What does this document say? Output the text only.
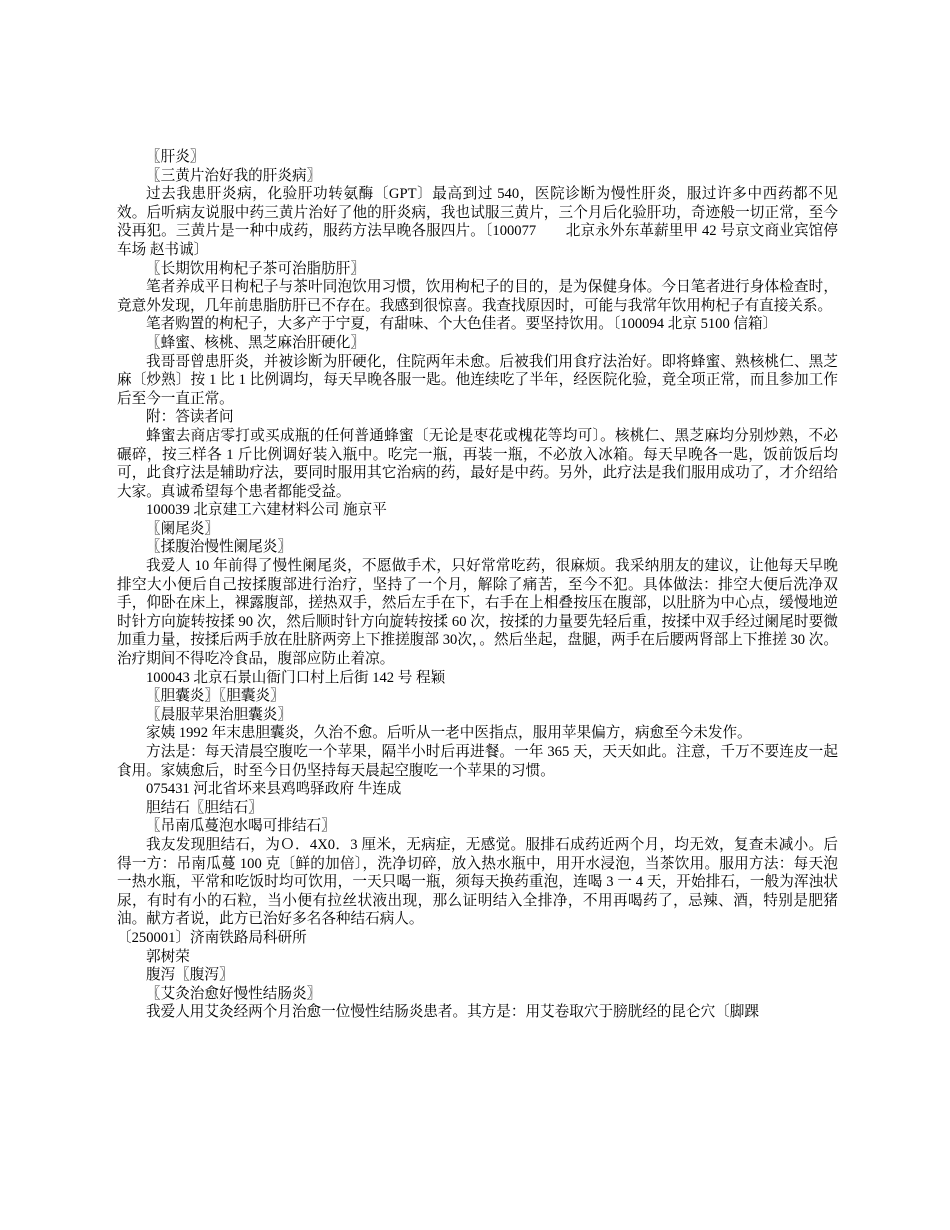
〖肝炎〗

〖三黄片治好我的肝炎病〗

过去我患肝炎病，化验肝功转氨酶〔GPT〕最高到过 540，医院诊断为慢性肝炎，服过许多中西药都不见效。后听病友说服中药三黄片治好了他的肝炎病，我也试服三黄片，三个月后化验肝功，奇迹般一切正常，至今没再犯。三黄片是一种中成药，服药方法早晚各服四片。〔100077　　北京永外东革薪里甲 42 号京文商业宾馆停车场 赵书诚〕

〖长期饮用枸杞子茶可治脂肪肝〗

笔者养成平日枸杞子与茶叶同泡饮用习惯，饮用枸杞子的目的，是为保健身体。今日笔者进行身体检查时，竟意外发现，几年前患脂肪肝已不存在。我感到很惊喜。我查找原因时，可能与我常年饮用枸杞子有直接关系。

笔者购置的枸杞子，大多产于宁夏，有甜味、个大色佳者。要坚持饮用。〔100094 北京 5100 信箱〕

〖蜂蜜、核桃、黑芝麻治肝硬化〗

我哥哥曾患肝炎，并被诊断为肝硬化，住院两年未愈。后被我们用食疗法治好。即将蜂蜜、熟核桃仁、黑芝麻〔炒熟〕按 1 比 1 比例调均，每天早晚各服一匙。他连续吃了半年，经医院化验，竟全项正常，而且参加工作后至今一直正常。

附：答读者问

蜂蜜去商店零打或买成瓶的任何普通蜂蜜〔无论是枣花或槐花等均可〕。核桃仁、黑芝麻均分别炒熟，不必碾碎，按三样各 1 斤比例调好装入瓶中。吃完一瓶，再装一瓶，不必放入冰箱。每天早晚各一匙，饭前饭后均可，此食疗法是辅助疗法，要同时服用其它治病的药，最好是中药。另外，此疗法是我们服用成功了，才介绍给大家。真诚希望每个患者都能受益。

100039 北京建工六建材料公司 施京平

〖阑尾炎〗

〖揉腹治慢性阑尾炎〗

我爱人 10 年前得了慢性阑尾炎，不愿做手术，只好常常吃药，很麻烦。我采纳朋友的建议，让他每天早晚排空大小便后自己按揉腹部进行治疗，坚持了一个月，解除了痛苦，至今不犯。具体做法：排空大便后洗净双手，仰卧在床上，裸露腹部，搓热双手，然后左手在下，右手在上相叠按压在腹部，以肚脐为中心点，缓慢地逆时针方向旋转按揉 90 次，然后顺时针方向旋转按揉 60 次，按揉的力量要先轻后重，按揉中双手经过阑尾时要微加重力量，按揉后两手放在肚脐两旁上下推搓腹部 30次，。然后坐起，盘腿，两手在后腰两肾部上下推搓 30 次。治疗期间不得吃冷食品，腹部应防止着凉。

100043 北京石景山衙门口村上后街 142 号 程颖

〖胆囊炎〗〖胆囊炎〗

〖晨服苹果治胆囊炎〗

家姨 1992 年末患胆囊炎，久治不愈。后听从一老中医指点，服用苹果偏方，病愈至今未发作。

方法是：每天清晨空腹吃一个苹果，隔半小时后再进餐。一年 365 天，天天如此。注意，千万不要连皮一起食用。家姨愈后，时至今日仍坚持每天晨起空腹吃一个苹果的习惯。

075431 河北省坏来县鸡鸣驿政府 牛连成

胆结石〖胆结石〗

〖吊南瓜蔓泡水喝可排结石〗

我友发现胆结石，为Ｏ．4X0．3 厘米，无病症，无感觉。服排石成药近两个月，均无效，复查未减小。后得一方：吊南瓜蔓 100 克〔鲜的加倍〕，洗净切碎，放入热水瓶中，用开水浸泡，当茶饮用。服用方法：每天泡一热水瓶，平常和吃饭时均可饮用，一天只喝一瓶，须每天换药重泡，连喝 3 一 4 天，开始排石，一般为浑浊状尿，有时有小的石粒，当小便有拉丝状液出现，那么证明结入全排净，不用再喝药了，忌辣、酒，特别是肥猪油。献方者说，此方已治好多名各种结石病人。

〔250001〕济南铁路局科研所

郭树荣

腹泻〖腹泻〗

〖艾灸治愈好慢性结肠炎〗

我爱人用艾灸经两个月治愈一位慢性结肠炎患者。其方是：用艾卷取穴于膀胱经的昆仑穴〔脚踝
